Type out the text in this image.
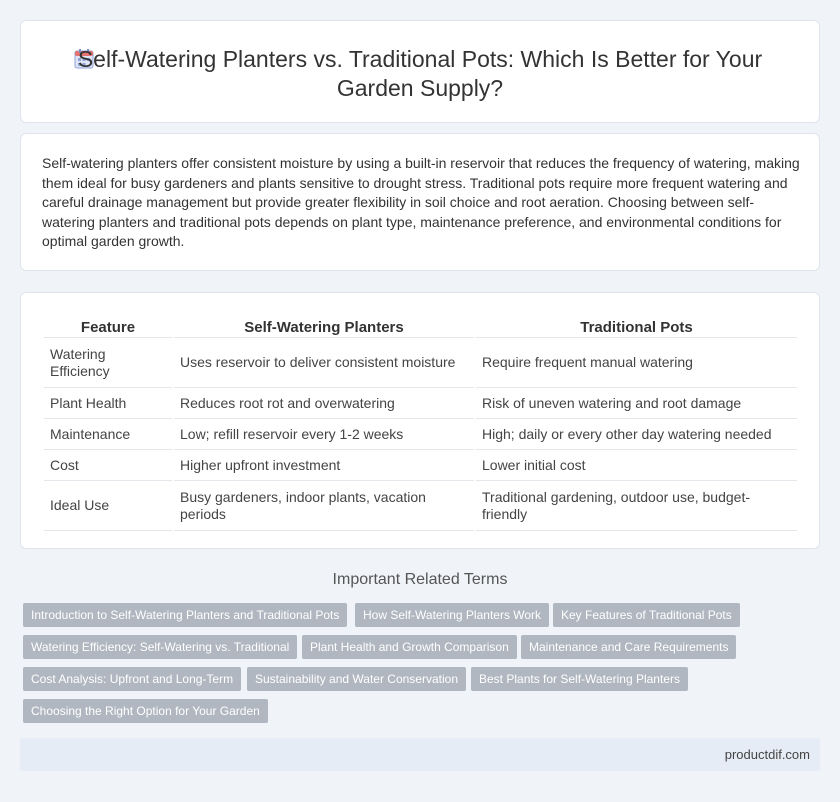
Self-Watering Planters vs. Traditional Pots: Which Is Better for Your Garden Supply?

Self-watering planters offer consistent moisture by using a built-in reservoir that reduces the frequency of watering, making them ideal for busy gardeners and plants sensitive to drought stress. Traditional pots require more frequent watering and careful drainage management but provide greater flexibility in soil choice and root aeration. Choosing between self-watering planters and traditional pots depends on plant type, maintenance preference, and environmental conditions for optimal garden growth.

Feature	Self-Watering Planters	Traditional Pots
Watering Efficiency	Uses reservoir to deliver consistent moisture	Require frequent manual watering
Plant Health	Reduces root rot and overwatering	Risk of uneven watering and root damage
Maintenance	Low; refill reservoir every 1-2 weeks	High; daily or every other day watering needed
Cost	Higher upfront investment	Lower initial cost
Ideal Use	Busy gardeners, indoor plants, vacation periods	Traditional gardening, outdoor use, budget-friendly
Important Related Terms
Introduction to Self-Watering Planters and Traditional Pots	How Self-Watering Planters Work	Key Features of Traditional Pots
Watering Efficiency: Self-Watering vs. Traditional	Plant Health and Growth Comparison	Maintenance and Care Requirements
Cost Analysis: Upfront and Long-Term	Sustainability and Water Conservation	Best Plants for Self-Watering Planters
Choosing the Right Option for Your Garden
productdif.com
